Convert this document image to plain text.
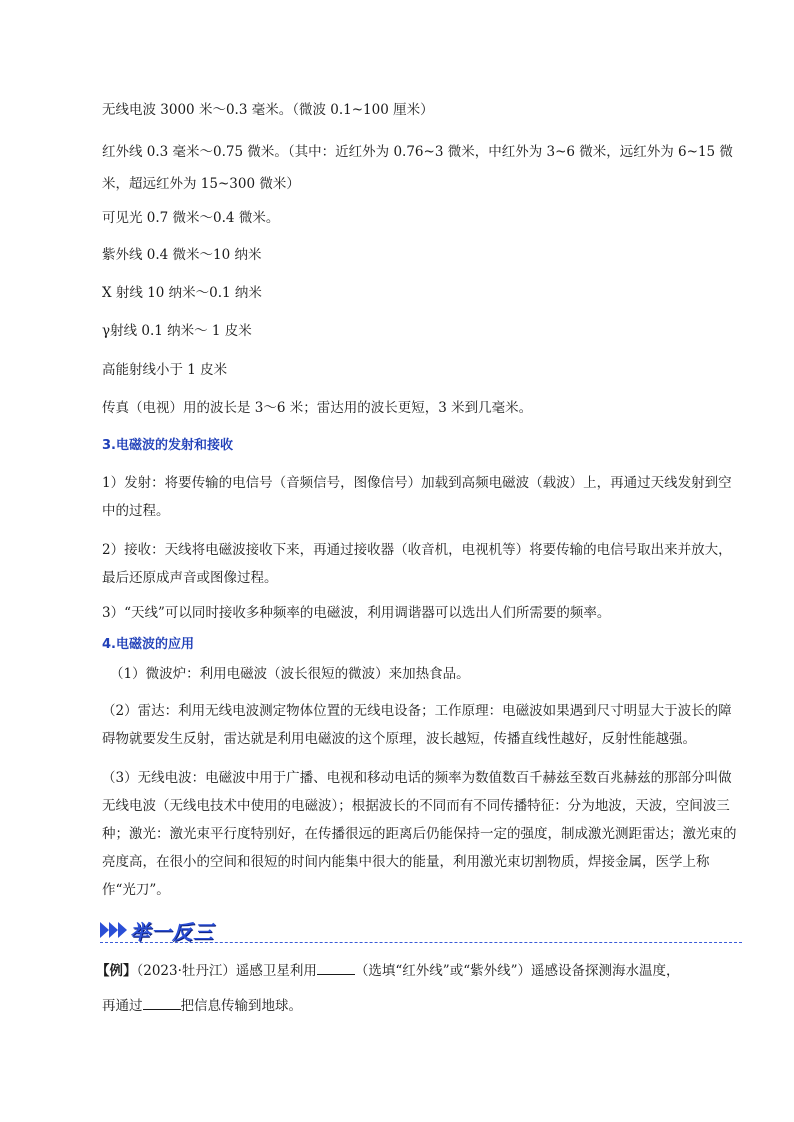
无线电波 3000 米～0.3 毫米。（微波 0.1~100 厘米）
红外线 0.3 毫米～0.75 微米。（其中：近红外为 0.76~3 微米，中红外为 3~6 微米，远红外为 6~15 微米，超远红外为 15~300 微米）
可见光 0.7 微米～0.4 微米。
紫外线 0.4 微米～10 纳米
X 射线 10 纳米～0.1 纳米
γ射线 0.1 纳米～ 1 皮米
高能射线小于 1 皮米
传真（电视）用的波长是 3～6 米；雷达用的波长更短，3 米到几毫米。
3.电磁波的发射和接收
1）发射：将要传输的电信号（音频信号，图像信号）加载到高频电磁波（载波）上，再通过天线发射到空中的过程。
2）接收：天线将电磁波接收下来，再通过接收器（收音机，电视机等）将要传输的电信号取出来并放大，最后还原成声音或图像过程。
3）“天线”可以同时接收多种频率的电磁波，利用调谐器可以选出人们所需要的频率。
4.电磁波的应用
（1）微波炉：利用电磁波（波长很短的微波）来加热食品。
（2）雷达：利用无线电波测定物体位置的无线电设备；工作原理：电磁波如果遇到尺寸明显大于波长的障碍物就要发生反射，雷达就是利用电磁波的这个原理，波长越短，传播直线性越好，反射性能越强。
（3）无线电波：电磁波中用于广播、电视和移动电话的频率为数值数百千赫兹至数百兆赫兹的那部分叫做无线电波（无线电技术中使用的电磁波）；根据波长的不同而有不同传播特征：分为地波，天波，空间波三种；激光：激光束平行度特别好，在传播很远的距离后仍能保持一定的强度，制成激光测距雷达；激光束的亮度高，在很小的空间和很短的时间内能集中很大的能量，利用激光束切割物质，焊接金属，医学上称作“光刀”。
举一反三
【例】（2023·牡丹江）遥感卫星利用	（选填“红外线”或“紫外线”）遥感设备探测海水温度，
再通过	把信息传输到地球。
